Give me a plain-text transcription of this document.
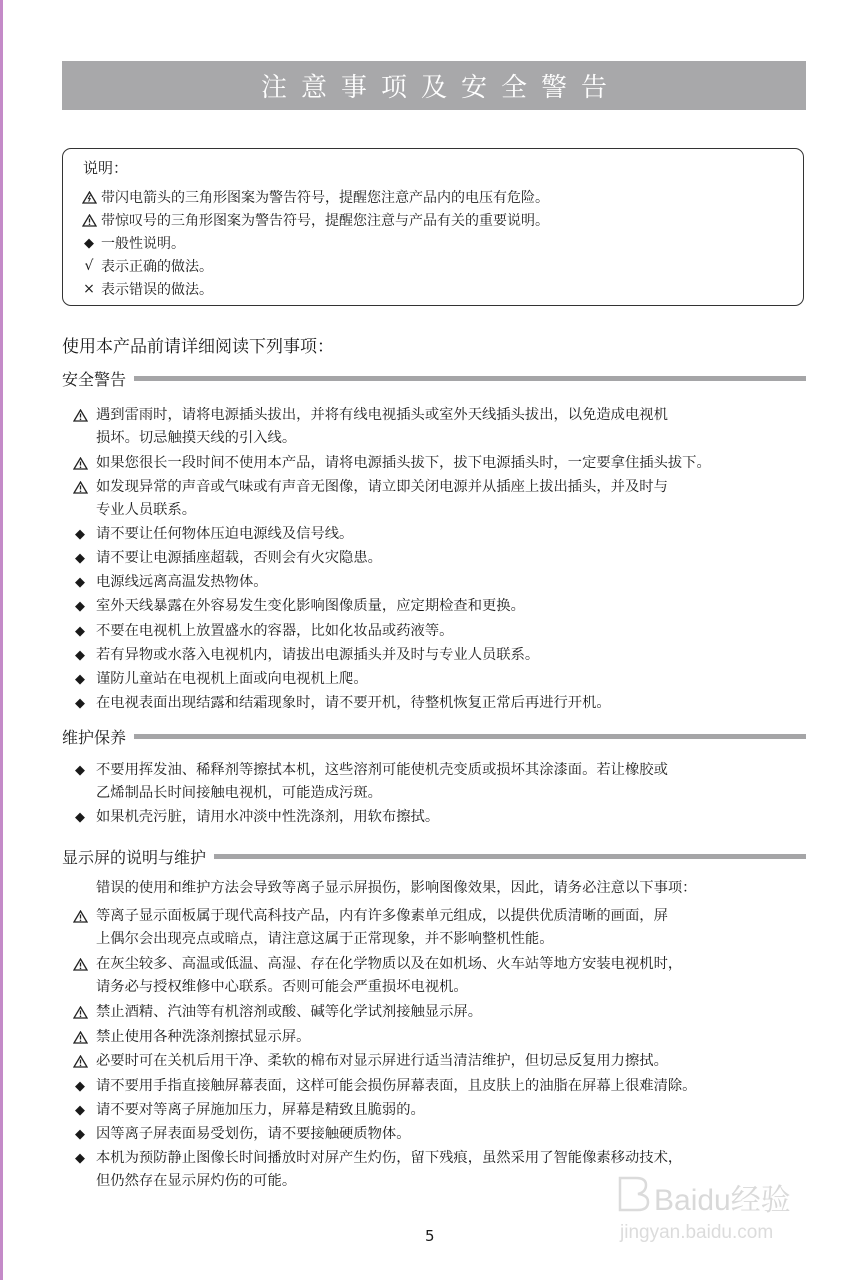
注意事项及安全警告
说明：
带闪电箭头的三角形图案为警告符号，提醒您注意产品内的电压有危险。
带惊叹号的三角形图案为警告符号，提醒您注意与产品有关的重要说明。
◆ 一般性说明。
√ 表示正确的做法。
× 表示错误的做法。
使用本产品前请详细阅读下列事项：
安全警告
遇到雷雨时，请将电源插头拔出，并将有线电视插头或室外天线插头拔出，以免造成电视机
损坏。切忌触摸天线的引入线。
如果您很长一段时间不使用本产品，请将电源插头拔下，拔下电源插头时，一定要拿住插头拔下。
如发现异常的声音或气味或有声音无图像，请立即关闭电源并从插座上拔出插头，并及时与
专业人员联系。
◆ 请不要让任何物体压迫电源线及信号线。
◆ 请不要让电源插座超载，否则会有火灾隐患。
◆ 电源线远离高温发热物体。
◆ 室外天线暴露在外容易发生变化影响图像质量，应定期检查和更换。
◆ 不要在电视机上放置盛水的容器，比如化妆品或药液等。
◆ 若有异物或水落入电视机内，请拔出电源插头并及时与专业人员联系。
◆ 谨防儿童站在电视机上面或向电视机上爬。
◆ 在电视表面出现结露和结霜现象时，请不要开机，待整机恢复正常后再进行开机。
维护保养
◆ 不要用挥发油、稀释剂等擦拭本机，这些溶剂可能使机壳变质或损坏其涂漆面。若让橡胶或
乙烯制品长时间接触电视机，可能造成污斑。
◆ 如果机壳污脏，请用水冲淡中性洗涤剂，用软布擦拭。
显示屏的说明与维护
错误的使用和维护方法会导致等离子显示屏损伤，影响图像效果，因此，请务必注意以下事项：
等离子显示面板属于现代高科技产品，内有许多像素单元组成，以提供优质清晰的画面，屏
上偶尔会出现亮点或暗点，请注意这属于正常现象，并不影响整机性能。
在灰尘较多、高温或低温、高湿、存在化学物质以及在如机场、火车站等地方安装电视机时，
请务必与授权维修中心联系。否则可能会严重损坏电视机。
禁止酒精、汽油等有机溶剂或酸、碱等化学试剂接触显示屏。
禁止使用各种洗涤剂擦拭显示屏。
必要时可在关机后用干净、柔软的棉布对显示屏进行适当清洁维护，但切忌反复用力擦拭。
◆ 请不要用手指直接触屏幕表面，这样可能会损伤屏幕表面，且皮肤上的油脂在屏幕上很难清除。
◆ 请不要对等离子屏施加压力，屏幕是精致且脆弱的。
◆ 因等离子屏表面易受划伤，请不要接触硬质物体。
◆ 本机为预防静止图像长时间播放时对屏产生灼伤，留下残痕，虽然采用了智能像素移动技术，
但仍然存在显示屏灼伤的可能。
5
Baidu经验
jingyan.baidu.com
